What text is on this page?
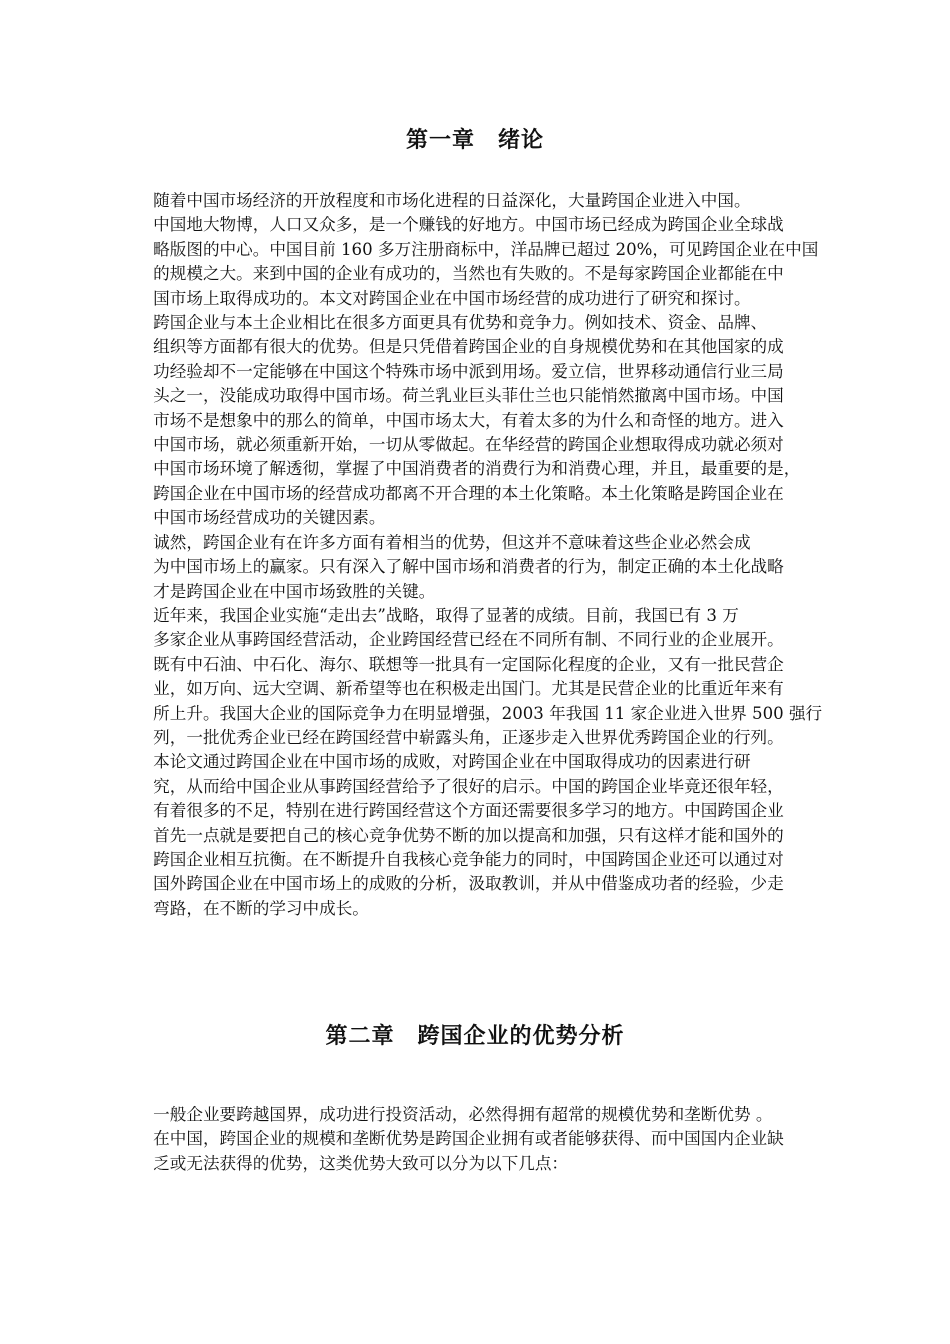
第一章　绪论

随着中国市场经济的开放程度和市场化进程的日益深化，大量跨国企业进入中国。
中国地大物博，人口又众多，是一个赚钱的好地方。中国市场已经成为跨国企业全球战
略版图的中心。中国目前 160 多万注册商标中，洋品牌已超过 20%，可见跨国企业在中国
的规模之大。来到中国的企业有成功的，当然也有失败的。不是每家跨国企业都能在中
国市场上取得成功的。本文对跨国企业在中国市场经营的成功进行了研究和探讨。

跨国企业与本土企业相比在很多方面更具有优势和竞争力。例如技术、资金、品牌、
组织等方面都有很大的优势。但是只凭借着跨国企业的自身规模优势和在其他国家的成
功经验却不一定能够在中国这个特殊市场中派到用场。爱立信，世界移动通信行业三局
头之一，没能成功取得中国市场。荷兰乳业巨头菲仕兰也只能悄然撤离中国市场。中国
市场不是想象中的那么的简单，中国市场太大，有着太多的为什么和奇怪的地方。进入
中国市场，就必须重新开始，一切从零做起。在华经营的跨国企业想取得成功就必须对
中国市场环境了解透彻，掌握了中国消费者的消费行为和消费心理，并且，最重要的是，
跨国企业在中国市场的经营成功都离不开合理的本土化策略。本土化策略是跨国企业在
中国市场经营成功的关键因素。

诚然，跨国企业有在许多方面有着相当的优势，但这并不意味着这些企业必然会成
为中国市场上的赢家。只有深入了解中国市场和消费者的行为，制定正确的本土化战略
才是跨国企业在中国市场致胜的关键。

近年来，我国企业实施“走出去”战略，取得了显著的成绩。目前，我国已有 3 万
多家企业从事跨国经营活动，企业跨国经营已经在不同所有制、不同行业的企业展开。
既有中石油、中石化、海尔、联想等一批具有一定国际化程度的企业，又有一批民营企
业，如万向、远大空调、新希望等也在积极走出国门。尤其是民营企业的比重近年来有
所上升。我国大企业的国际竞争力在明显增强，2003 年我国 11 家企业进入世界 500 强行
列，一批优秀企业已经在跨国经营中崭露头角，正逐步走入世界优秀跨国企业的行列。

本论文通过跨国企业在中国市场的成败，对跨国企业在中国取得成功的因素进行研
究，从而给中国企业从事跨国经营给予了很好的启示。中国的跨国企业毕竟还很年轻，
有着很多的不足，特别在进行跨国经营这个方面还需要很多学习的地方。中国跨国企业
首先一点就是要把自己的核心竞争优势不断的加以提高和加强，只有这样才能和国外的
跨国企业相互抗衡。在不断提升自我核心竞争能力的同时，中国跨国企业还可以通过对
国外跨国企业在中国市场上的成败的分析，汲取教训，并从中借鉴成功者的经验，少走
弯路，在不断的学习中成长。

第二章　跨国企业的优势分析

一般企业要跨越国界，成功进行投资活动，必然得拥有超常的规模优势和垄断优势 。
在中国，跨国企业的规模和垄断优势是跨国企业拥有或者能够获得、而中国国内企业缺
乏或无法获得的优势，这类优势大致可以分为以下几点：
